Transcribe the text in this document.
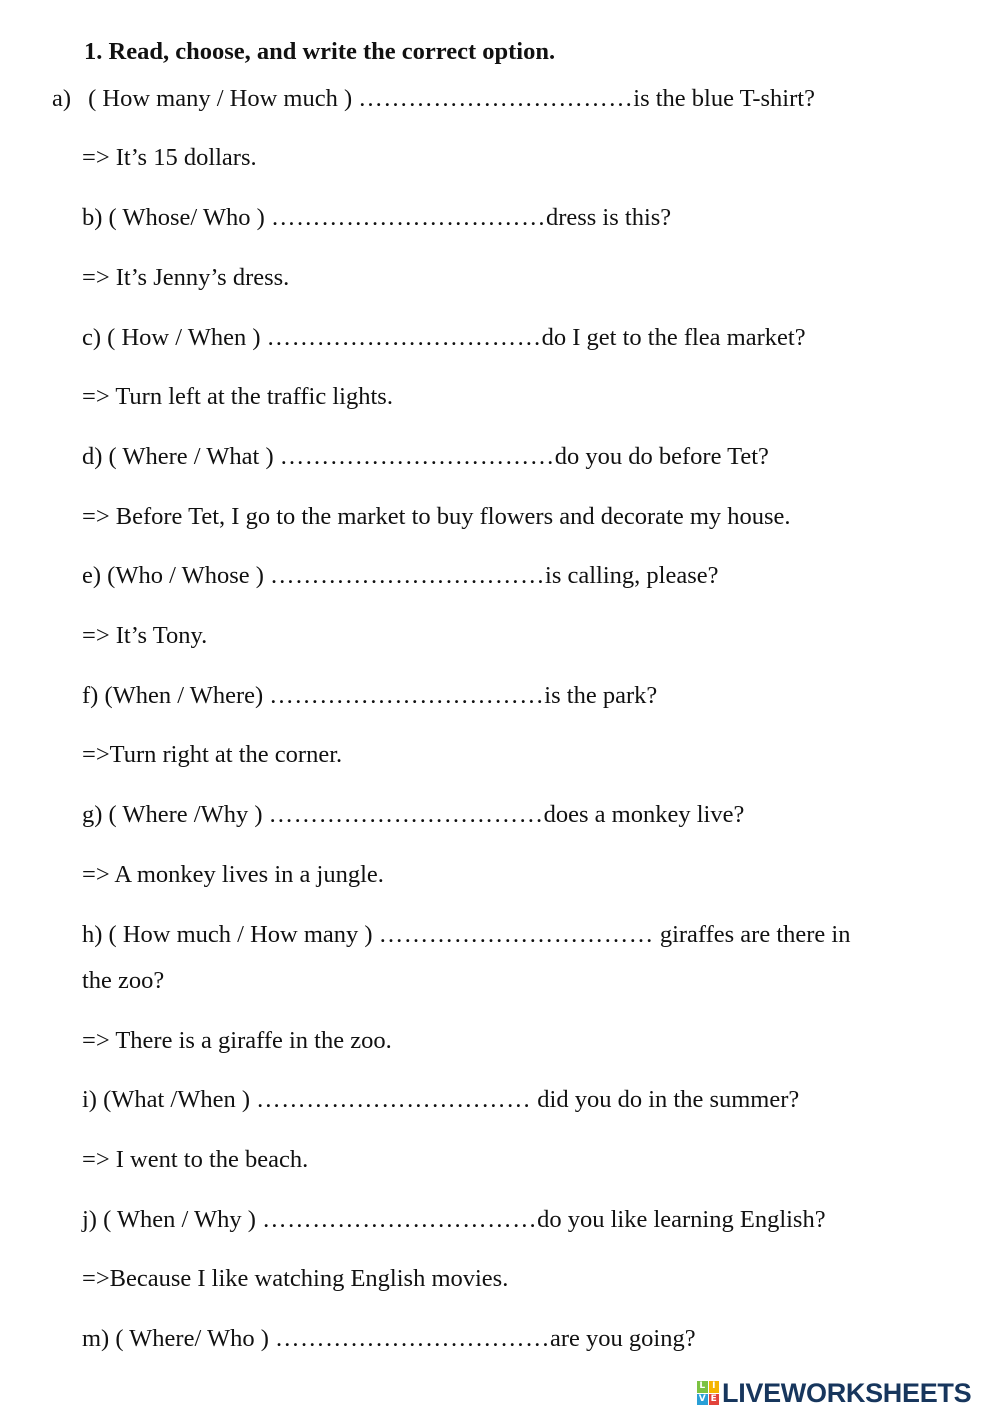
1. Read, choose, and write the correct option.
a) ( How many / How much ) ……………………………is the blue T-shirt?
=> It’s 15 dollars.
b) ( Whose/ Who ) ……………………………dress is this?
=> It’s Jenny’s dress.
c) ( How / When ) ……………………………do I get to the flea market?
=> Turn left at the traffic lights.
d) ( Where / What ) ……………………………do you do before Tet?
=> Before Tet, I go to the market to buy flowers and decorate my house.
e) (Who / Whose ) ……………………………is calling, please?
=> It’s Tony.
f) (When / Where) ……………………………is the park?
=>Turn right at the corner.
g) ( Where /Why ) ……………………………does a monkey live?
=> A monkey lives in a jungle.
h) ( How much / How many ) …………………………… giraffes are there in
the zoo?
=> There is a giraffe in the zoo.
i) (What /When ) …………………………… did you do in the summer?
=> I went to the beach.
j) ( When / Why ) ……………………………do you like learning English?
=>Because I like watching English movies.
m) ( Where/ Who ) ……………………………are you going?
L I
V E LIVEWORKSHEETS
